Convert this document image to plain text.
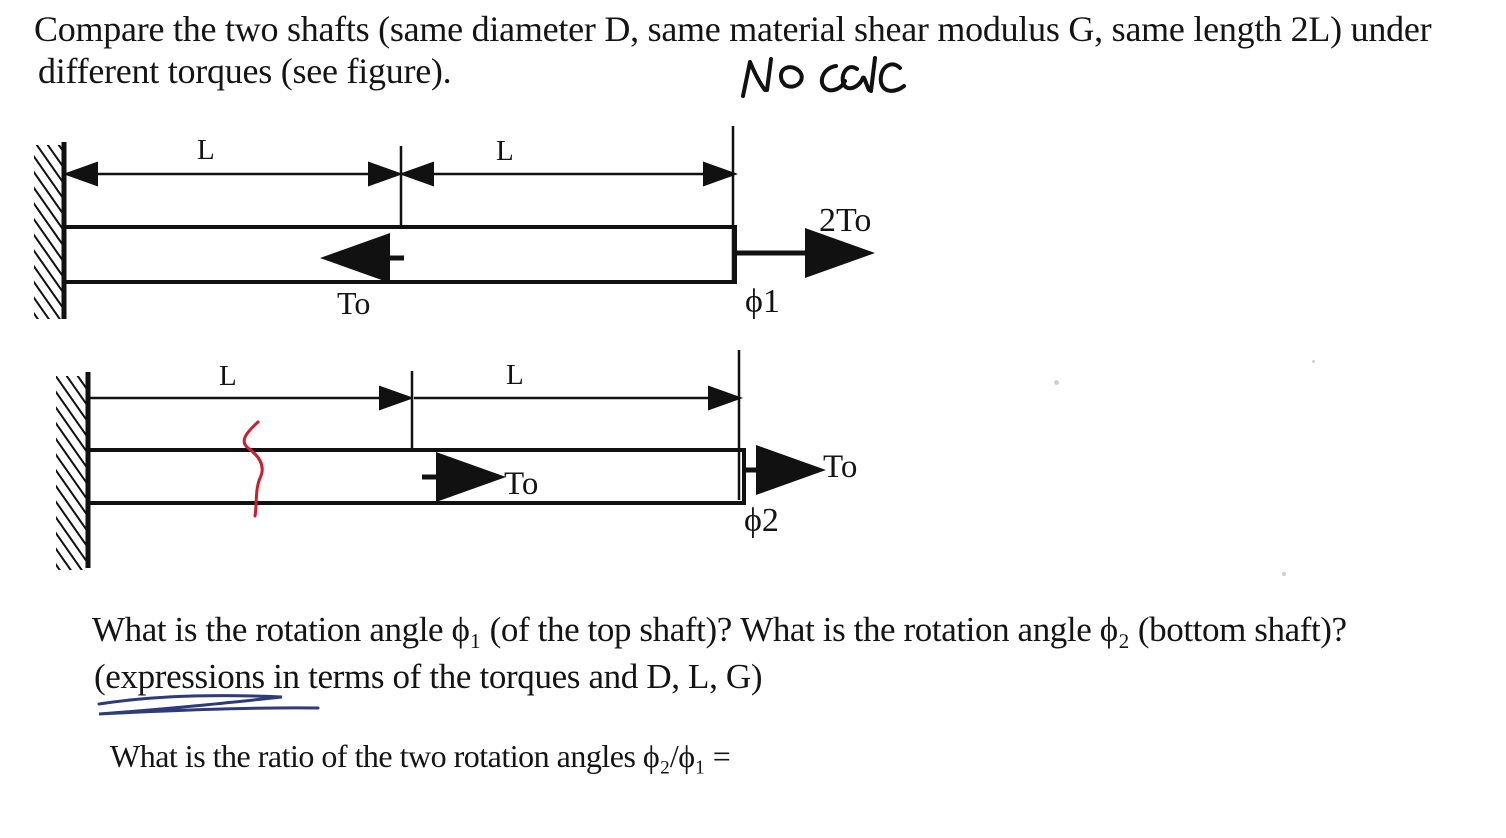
Compare the two shafts (same diameter D, same material shear modulus G, same length 2L) under

different torques (see figure).

L	L
To
2To
ϕ1
L	L
To	To
ϕ2

What is the rotation angle ϕ₁ (of the top shaft)? What is the rotation angle ϕ₂ (bottom shaft)?

(expressions in terms of the torques and D, L, G)

What is the ratio of the two rotation angles ϕ₂/ϕ₁ =
